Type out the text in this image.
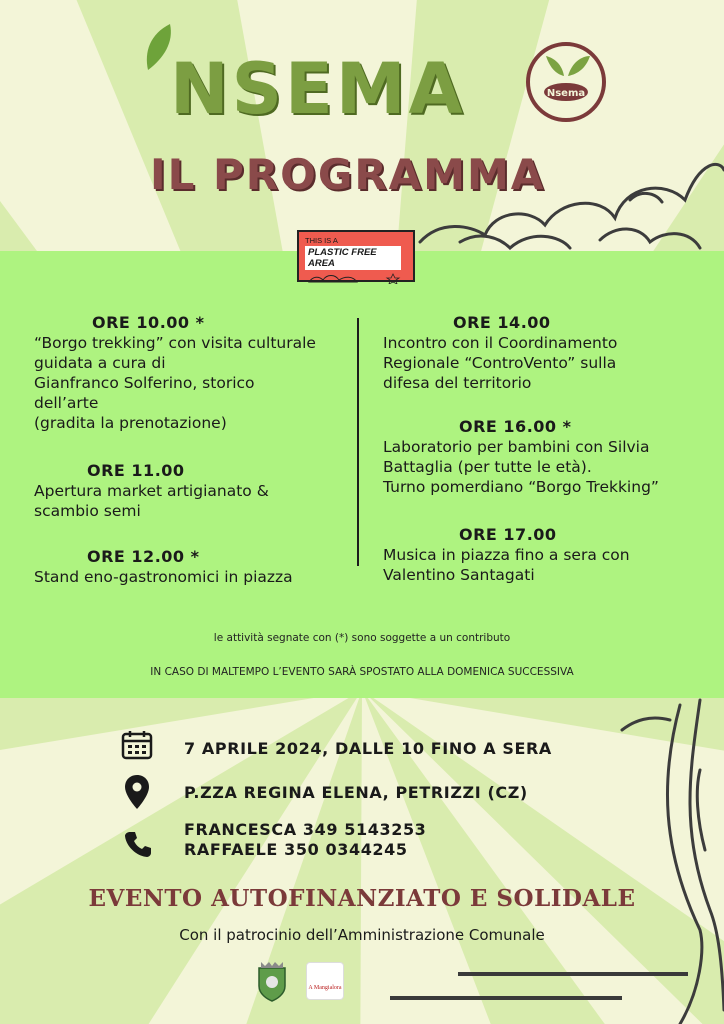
NSEMA	Nsema
IL PROGRAMMA
THIS IS A
PLASTIC FREE AREA
ORE 10.00 *

“Borgo trekking” con visita culturale
guidata a cura di
Gianfranco Solferino, storico
dell’arte
(gradita la prenotazione)

ORE 11.00

Apertura market artigianato &
scambio semi

ORE 12.00 *

Stand eno-gastronomici in piazza

ORE 14.00

Incontro con il Coordinamento
Regionale “ControVento” sulla
difesa del territorio

ORE 16.00 *

Laboratorio per bambini con Silvia
Battaglia (per tutte le età).
Turno pomerdiano “Borgo Trekking”

ORE 17.00

Musica in piazza fino a sera con
Valentino Santagati

le attività segnate con (*) sono soggette a un contributo
IN CASO DI MALTEMPO L’EVENTO SARÀ SPOSTATO ALLA DOMENICA SUCCESSIVA
7 APRILE 2024, DALLE 10 FINO A SERA
P.ZZA REGINA ELENA, PETRIZZI (CZ)
FRANCESCA 349 5143253
RAFFAELE 350 0344245
EVENTO AUTOFINANZIATO E SOLIDALE
Con il patrocinio dell’Amministrazione Comunale
A Mangialora
